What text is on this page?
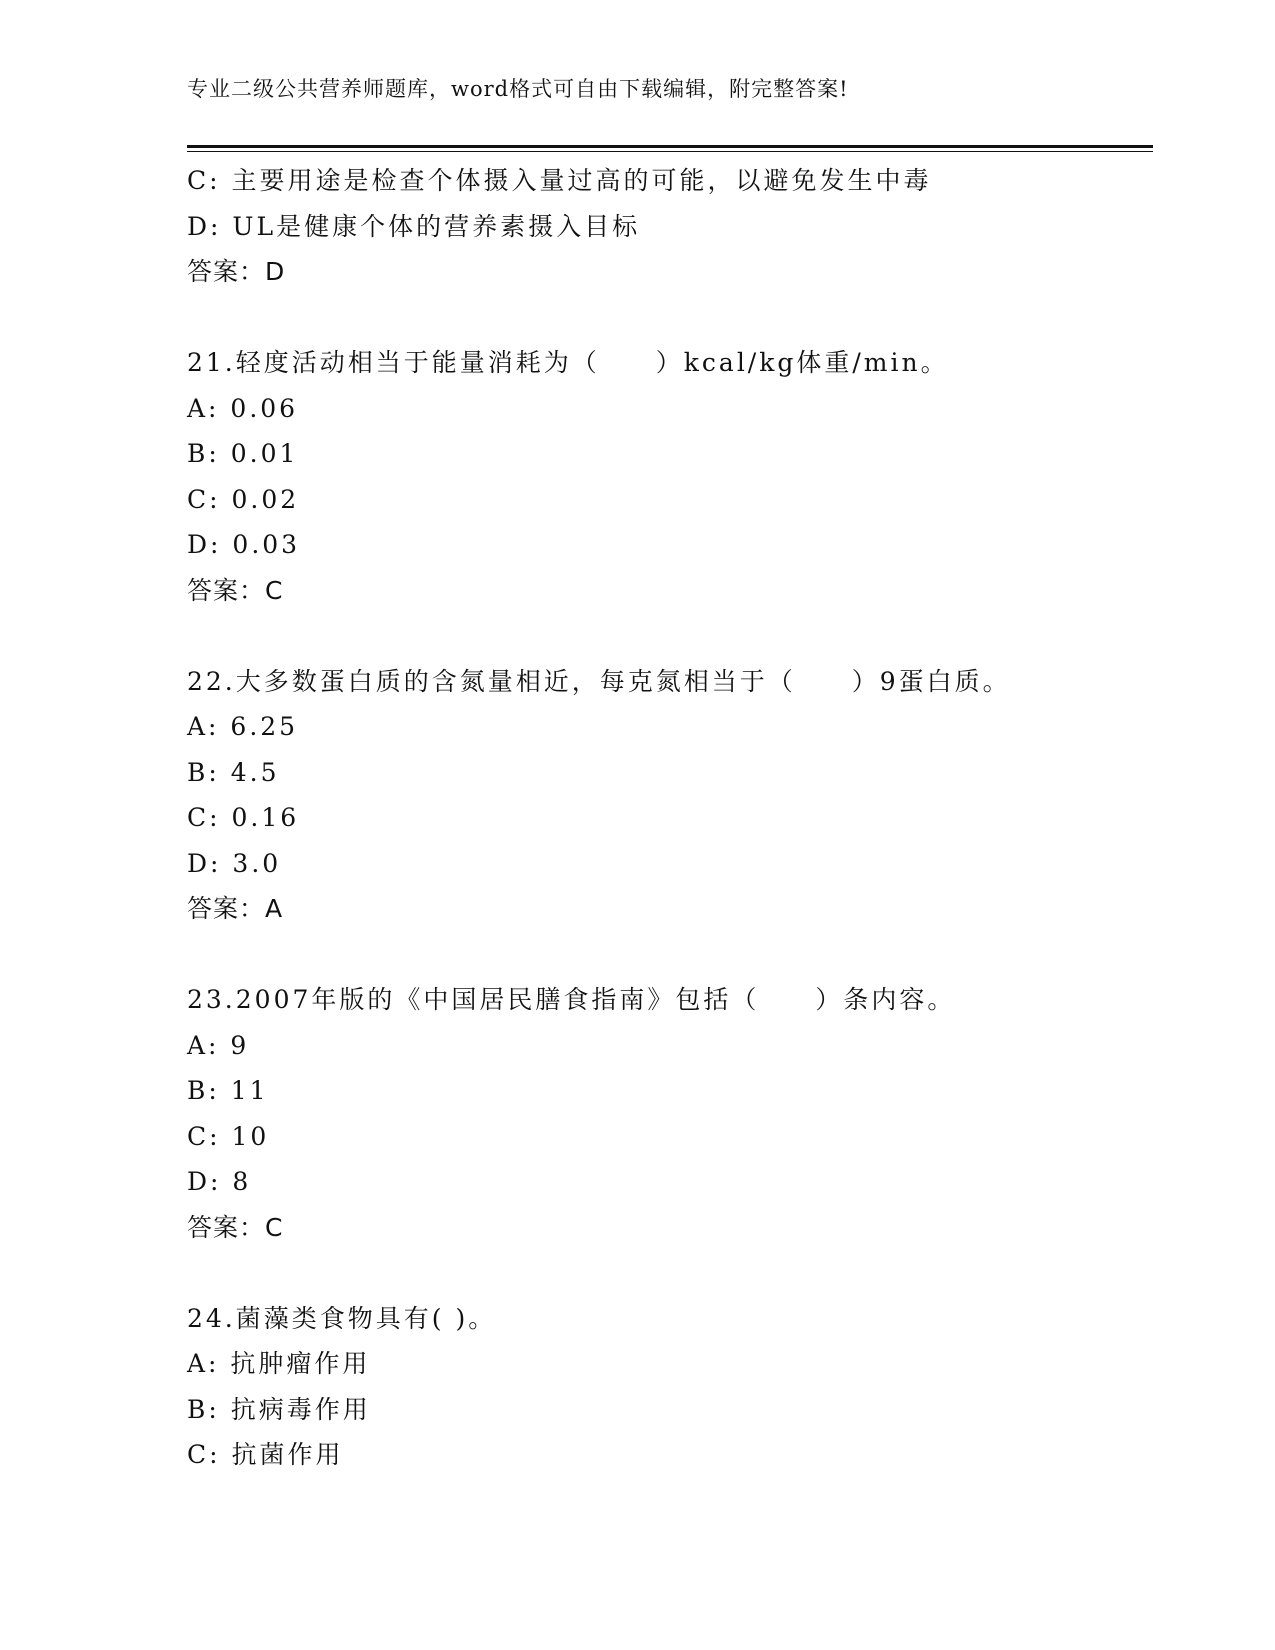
专业二级公共营养师题库，word格式可自由下载编辑，附完整答案!
C: 主要用途是检查个体摄入量过高的可能，以避免发生中毒
D: UL是健康个体的营养素摄入目标
答案：D
21.轻度活动相当于能量消耗为（　　）kcal/kg体重/min。
A: 0.06
B: 0.01
C: 0.02
D: 0.03
答案：C
22.大多数蛋白质的含氮量相近，每克氮相当于（　　）9蛋白质。
A: 6.25
B: 4.5
C: 0.16
D: 3.0
答案：A
23.2007年版的《中国居民膳食指南》包括（　　）条内容。
A: 9
B: 11
C: 10
D: 8
答案：C
24.菌藻类食物具有( )。
A: 抗肿瘤作用
B: 抗病毒作用
C: 抗菌作用
